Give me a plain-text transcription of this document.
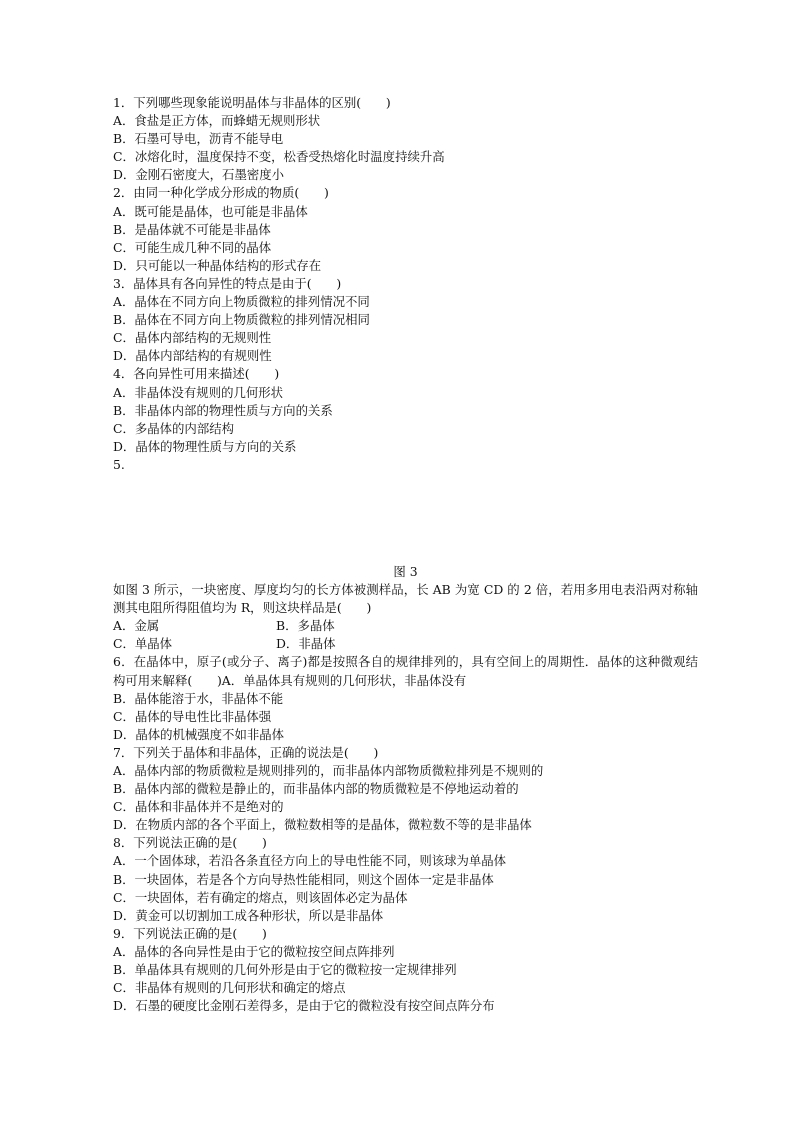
1．下列哪些现象能说明晶体与非晶体的区别(　　)
A．食盐是正方体，而蜂蜡无规则形状
B．石墨可导电，沥青不能导电
C．冰熔化时，温度保持不变，松香受热熔化时温度持续升高
D．金刚石密度大，石墨密度小
2．由同一种化学成分形成的物质(　　)
A．既可能是晶体，也可能是非晶体
B．是晶体就不可能是非晶体
C．可能生成几种不同的晶体
D．只可能以一种晶体结构的形式存在
3．晶体具有各向异性的特点是由于(　　)
A．晶体在不同方向上物质微粒的排列情况不同
B．晶体在不同方向上物质微粒的排列情况相同
C．晶体内部结构的无规则性
D．晶体内部结构的有规则性
4．各向异性可用来描述(　　)
A．非晶体没有规则的几何形状
B．非晶体内部的物理性质与方向的关系
C．多晶体的内部结构
D．晶体的物理性质与方向的关系
5.
图 3
如图 3 所示，一块密度、厚度均匀的长方体被测样品，长 AB 为宽 CD 的 2 倍，若用多用电表沿两对称轴测其电阻所得阻值均为 R，则这块样品是(　　)
A．金属	B．多晶体
C．单晶体	D．非晶体
6．在晶体中，原子(或分子、离子)都是按照各自的规律排列的，具有空间上的周期性．晶体的这种微观结构可用来解释(　　)A．单晶体具有规则的几何形状，非晶体没有
B．晶体能溶于水，非晶体不能
C．晶体的导电性比非晶体强
D．晶体的机械强度不如非晶体
7．下列关于晶体和非晶体，正确的说法是(　　)
A．晶体内部的物质微粒是规则排列的，而非晶体内部物质微粒排列是不规则的
B．晶体内部的微粒是静止的，而非晶体内部的物质微粒是不停地运动着的
C．晶体和非晶体并不是绝对的
D．在物质内部的各个平面上，微粒数相等的是晶体，微粒数不等的是非晶体
8．下列说法正确的是(　　)
A．一个固体球，若沿各条直径方向上的导电性能不同，则该球为单晶体
B．一块固体，若是各个方向导热性能相同，则这个固体一定是非晶体
C．一块固体，若有确定的熔点，则该固体必定为晶体
D．黄金可以切割加工成各种形状，所以是非晶体
9．下列说法正确的是(　　)
A．晶体的各向异性是由于它的微粒按空间点阵排列
B．单晶体具有规则的几何外形是由于它的微粒按一定规律排列
C．非晶体有规则的几何形状和确定的熔点
D．石墨的硬度比金刚石差得多，是由于它的微粒没有按空间点阵分布
